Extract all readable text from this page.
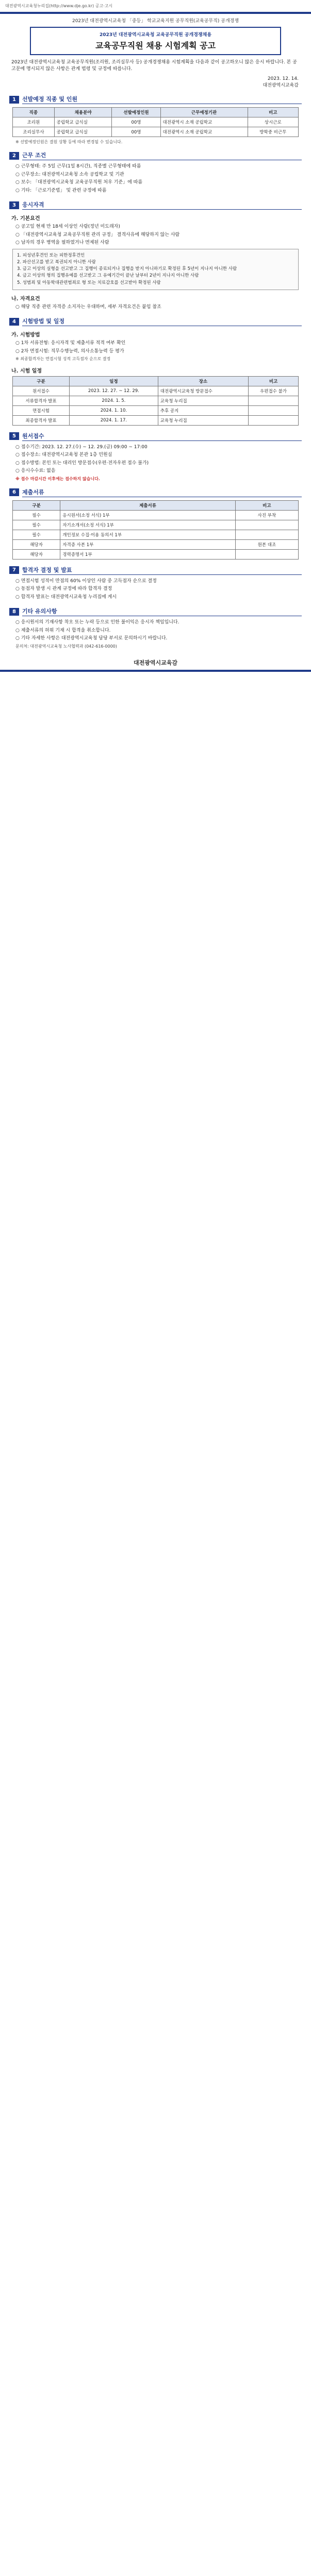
대전광역시교육청누리집(http://www.dje.go.kr) 공고·고시
2023년 대전광역시교육청 「중등」 학교교육지원 공무직원(교육공무직) 공개경쟁
2023년 대전광역시교육청 교육공무직원 공개경쟁채용
교육공무직원 채용 시험계획 공고
2023년 대전광역시교육청 교육공무직원(조리원, 조리실무사 등) 공개경쟁채용 시험계획을 다음과 같이 공고하오니 많은 응시 바랍니다. 본 공고문에 명시되지 않은 사항은 관계 법령 및 규정에 따릅니다.
2023. 12. 14.
대전광역시교육감
1	선발예정 직종 및 인원
직종	채용분야	선발예정인원	근무예정기관	비고
조리원	공립학교 급식실	00명	대전광역시 소재 공립학교	상시근로
조리실무사	공립학교 급식실	00명	대전광역시 소재 공립학교	방학중 비근무
※ 선발예정인원은 결원 상황 등에 따라 변경될 수 있습니다.
2	근무 조건
○ 근무형태: 주 5일 근무(1일 8시간), 직종별 근무형태에 따름
○ 근무장소: 대전광역시교육청 소속 공립학교 및 기관
○ 보수: 「대전광역시교육청 교육공무직원 처우 기준」에 따름
○ 기타: 「근로기준법」 및 관련 규정에 따름
3	응시자격
가. 기본요건
○ 공고일 현재 만 18세 이상인 사람(정년 미도래자)
○ 「대전광역시교육청 교육공무직원 관리 규정」 결격사유에 해당하지 않는 사람
○ 남자의 경우 병역을 필하였거나 면제된 사람
1. 피성년후견인 또는 피한정후견인
2. 파산선고를 받고 복권되지 아니한 사람
3. 금고 이상의 실형을 선고받고 그 집행이 종료되거나 집행을 받지 아니하기로 확정된 후 5년이 지나지 아니한 사람
4. 금고 이상의 형의 집행유예를 선고받고 그 유예기간이 끝난 날부터 2년이 지나지 아니한 사람
5. 성범죄 및 아동학대관련범죄로 형 또는 치료감호를 선고받아 확정된 사람
나. 자격요건
○ 해당 직종 관련 자격증 소지자는 우대하며, 세부 자격요건은 붙임 참조
4	시험방법 및 일정
가. 시험방법
○ 1차 서류전형: 응시자격 및 제출서류 적격 여부 확인
○ 2차 면접시험: 직무수행능력, 의사소통능력 등 평가
※ 최종합격자는 면접시험 성적 고득점자 순으로 결정
나. 시험 일정
구분	일정	장소	비고
원서접수	2023. 12. 27. ~ 12. 29.	대전광역시교육청 방문접수	우편접수 불가
서류합격자 발표	2024. 1. 5.	교육청 누리집	
면접시험	2024. 1. 10.	추후 공지	
최종합격자 발표	2024. 1. 17.	교육청 누리집	
5	원서접수
○ 접수기간: 2023. 12. 27.(수) ~ 12. 29.(금) 09:00 ~ 17:00
○ 접수장소: 대전광역시교육청 본관 1층 민원실
○ 접수방법: 본인 또는 대리인 방문접수(우편·전자우편 접수 불가)
○ 응시수수료: 없음
※ 접수 마감시간 이후에는 접수하지 않습니다.
6	제출서류
구분	제출서류	비고
필수	응시원서(소정 서식) 1부	사진 부착
필수	자기소개서(소정 서식) 1부	
필수	개인정보 수집·이용 동의서 1부	
해당자	자격증 사본 1부	원본 대조
해당자	경력증명서 1부	
7	합격자 결정 및 발표
○ 면접시험 성적이 만점의 60% 이상인 사람 중 고득점자 순으로 결정
○ 동점자 발생 시 관계 규정에 따라 합격자 결정
○ 합격자 발표는 대전광역시교육청 누리집에 게시
8	기타 유의사항
○ 응시원서의 기재사항 착오 또는 누락 등으로 인한 불이익은 응시자 책임입니다.
○ 제출서류의 허위 기재 시 합격을 취소합니다.
○ 기타 자세한 사항은 대전광역시교육청 담당 부서로 문의하시기 바랍니다.
문의처: 대전광역시교육청 노사협력과 (042-616-0000)
대전광역시교육감
